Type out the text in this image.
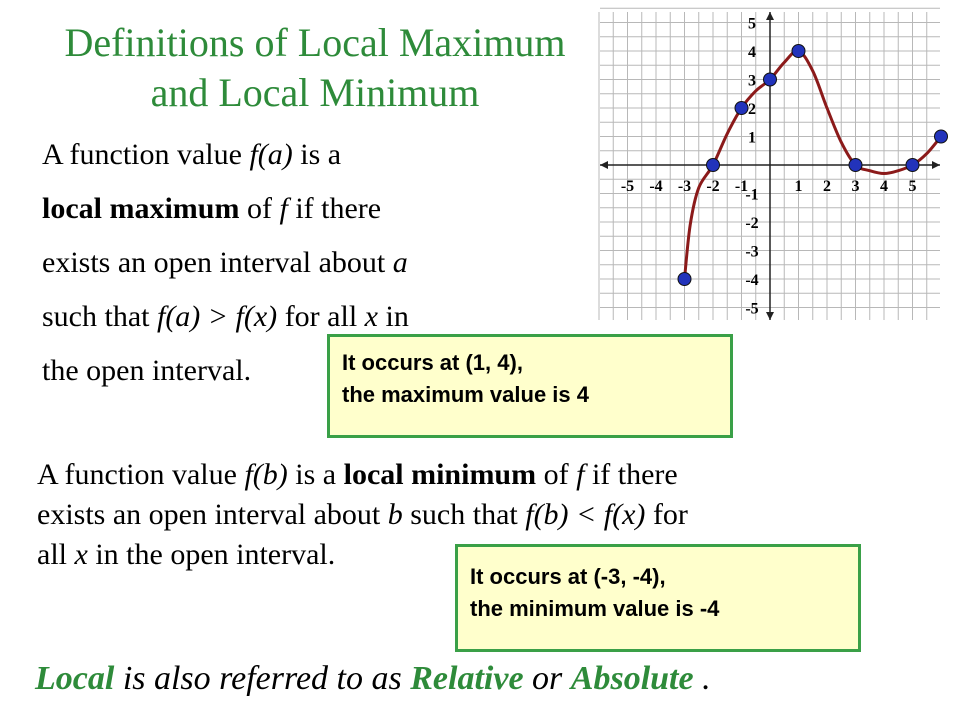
-5 -4 -3 -2 -1	1 2 3 4 5
5
4
3
2
1
-1
-2
-3
-4
-5
Definitions of Local Maximum
and Local Minimum
A function value f(a) is a
local maximum of f if there
exists an open interval about a
such that f(a) > f(x) for all x in
the open interval.	It occurs at (1, 4),
the maximum value is 4
A function value f(b) is a local minimum of f if there
exists an open interval about b such that f(b) < f(x) for
all x in the open interval.
It occurs at (-3, -4),
the minimum value is -4
Local is also referred to as Relative or Absolute .
